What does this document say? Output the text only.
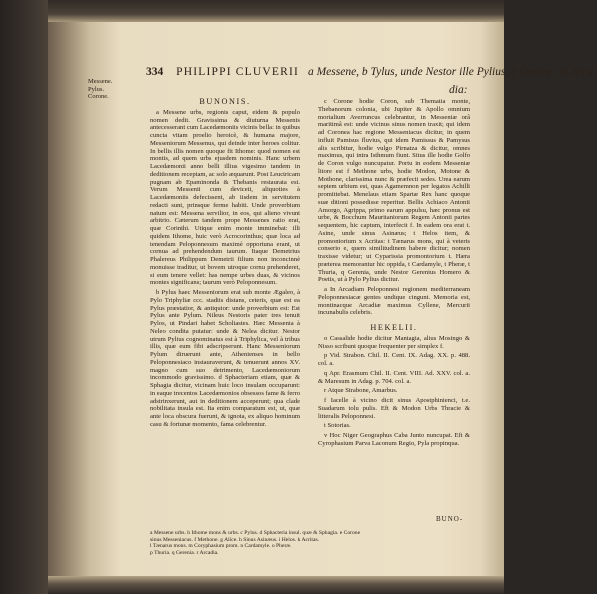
Messene.
Pylus.
Corone.
334 PHILIPPI CLUVERII a Messene, b Tylus, unde Nestor ille Pylius, c Corone. In Arca-
dia:
BUNONIS.

a Messene urbs, regionis caput, eidem & populo nomen dedit. Gravissima & diuturna Messenis antecesserant cum Lacedæmoniis vicinis bella: in quibus cuncta vitam proelio heroicè, & humana majore, Messeniorum Messenus, qui deinde inter heroes colitur. In bellis illis nomen quoque fit Ithome: quod nomen est montis, ad quem urbs ejusdem nominis. Hanc urbem Lacedæmonii anno belli illius vigesimo tandem in deditionem receptam, ac solo æquarunt. Post Leuctricam pugnam ab Epaminonda & Thebanis restaurata est. Verum Messenii cum deviceti, aliquoties à Lacedæmoniis defecissent, ab iisdem in servitutem redacti sunt, prinsque ferme habiti. Unde proverbium natum est: Messena servilior, in eos, qui alieno vivunt arbitrio. Cæterum tandem prope Messenes ratio erat, quæ Corinthi. Utique enim monte imminebat: illi quidem Ithome, huic verò Acrocorinthus; quæ loca ad tenendam Peloponnesum maximè opportuna erant, ut cornua ad prehendendum taurum. Itaque Demetrius Phalereus Philippum Demetrii filium non inconcinnè monuisse traditur, ut bovem utroque cornu prehenderet, si eum tenere vellet: has nempe urbes duas, & vicinos montes significans; taurum verò Peloponnesum.

b Pylus haec Messeniorum erat sub monte Ægaleo, à Pylo Triphyliæ ccc. stadiis distans, ceteris, quæ est ea Pylus præstatior, & antiquior: unde proverbium est: Est Pylus ante Pylum. Nileus Nestoris pater tres tenuit Pylos, ut Pindari habet Scholiastes. Hæc Messenia à Neleo condita putatur: unde & Nelea dicitur. Nestor utrum Pylius cognominatus est à Triphylica, vel à tribus illis, quæ eum fibi adscripserunt. Hanc Messeniorum Pylum diruerunt ante, Athenienses in bello Peloponnesiaco instauraverunt, & tenuerunt annos XV. magno cum suo detrimento, Lacedæmoniorum incommodo gravissimo. d Sphacteriam etiam, quæ & Sphagia dicitur, vicinam huic loco insulam occuparunt: in eaque trecentos Lacedæmonios obsessos fame & ferro adstrinxerunt, aut in deditionem acceperunt; qua clade nobilitata insula est. Ita enim comparatum est, ut, quæ ante loca obscura fuerunt, & ignota, ex aliquo hominum casu & fortunæ momento, fama celebrentur.

c Corone hodie Coron, sub Thematia monte, Thebanorum colonia, ubi Jupiter & Apollo omnium mortalium Averruncus celebrantur, in Messeniæ orâ maritimâ est: unde vicinus sinus nomen traxit; qui idem ad Coronea hac regione Messeniacus dicitur, in quem influit Pamisus fluvius, qui idem Pamissus & Pamysus alis scribitur, hodie vulgo Pirnatza & dicitur, omnes maximus, qui intra Isthmum fiunt. Situs ille hodie Golfo de Coron vulgo nuncupatur. Portu in eodem Messeniæ litore est f Methone urbs, hodie Modon, Motone & Mothone, clarissima nunc & præfecti sedes. Urea earum septem urbium est, quas Agamemnon per legatos Achilli promittebat. Menelaus etiam Spartæ Rex hanc quoque suæ ditioni possedisse reperitur. Bellis Achiaco Antonii Amorgo, Agrippa, primo earum appulsu, hæc pronus est urbe, & Bocchum Mauritaniorum Regem Antonii partes sequentem, hic captum, interfecit f. In eadem ora erat t. Asine, unde sinus Asinæus; t Helos item, & promontorium x Acritas: t Tænarus mons, qui à veteris conserio e, quem similitudinem habere dicitur; nomen traxisse videtur; ut Cyparissia promontorium t. Hæra præterea memorantur hic oppida, t Cardamyle, t Pheræ, t Thuria, q Gerenia, unde Nestor Gerenius Homero & Poetis, ut à Pylo Pylius dicitur.

a In Arcadiam Peloponnesi regionem mediterraneam Peloponnesiacæ gentes undique cingunt. Memoria est, montinacque Arcadiæ maximus Cyllene, Mercurii incunabulis celebris.

HEKELII.

o Cassalide hodie dicitur Mantagia, alius Mosingo & Nisso scribunt quoque frequenter per simplex f.

p Vid. Strabon. Chil. II. Cent. IX. Adag. XX. p. 488. col. a.

q Apr. Erasmum Chil. II. Cent. VIII. Ad. XXV. col. a. & Maresum in Adag. p. 704. col. a.

r Atque Strabone, Amarbus.

f Iacelle à vicino dicit sinus Apostphinienci, t.e. Suadarum tolu pulis. Eft & Modon Urbs Thracie & litteralis Peloponnesi.

t Sotorias.

v Hoc Niger Geographus Caba Junto nuncupat. Eft & Cyrophasium Parva Laconum Regio, Pyla propinqua.

BUNO-
a Messene urbs. b Ithome mons & urbs. c Pylus. d Sphacteria insul. quæ & Sphagia. e Corone
sinus Messeniacus. f Methone. g Alíce. h Sinus Asinæus. i Helos. k Acritas.
l Tænarus mons. m Coryphasium prom. n Cardamyle. o Pheræ.
p Thuria. q Gerenia. r Arcadia.
